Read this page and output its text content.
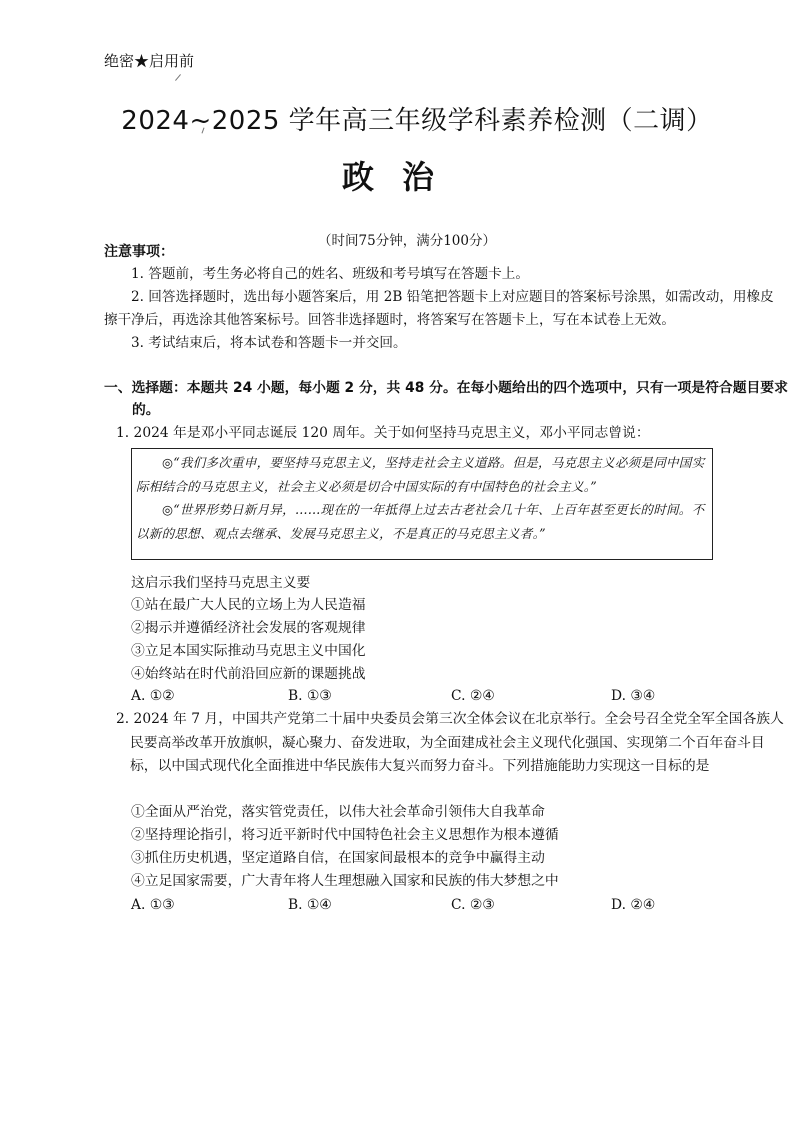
绝密★启用前
2024~2025 学年高三年级学科素养检测（二调）
政治
（时间75分钟，满分100分）
注意事项：
1. 答题前，考生务必将自己的姓名、班级和考号填写在答题卡上。
2. 回答选择题时，选出每小题答案后，用 2B 铅笔把答题卡上对应题目的答案标号涂黑，如需改动，用橡皮擦干净后，再选涂其他答案标号。回答非选择题时，将答案写在答题卡上，写在本试卷上无效。
3. 考试结束后，将本试卷和答题卡一并交回。
一、选择题：本题共 24 小题，每小题 2 分，共 48 分。在每小题给出的四个选项中，只有一项是符合题目要求的。
1. 2024 年是邓小平同志诞辰 120 周年。关于如何坚持马克思主义，邓小平同志曾说：

◎“我们多次重申，要坚持马克思主义，坚持走社会主义道路。但是，马克思主义必须是同中国实际相结合的马克思主义，社会主义必须是切合中国实际的有中国特色的社会主义。”

◎“世界形势日新月异，……现在的一年抵得上过去古老社会几十年、上百年甚至更长的时间。不以新的思想、观点去继承、发展马克思主义，不是真正的马克思主义者。”

这启示我们坚持马克思主义要
①站在最广大人民的立场上为人民造福
②揭示并遵循经济社会发展的客观规律
③立足本国实际推动马克思主义中国化
④始终站在时代前沿回应新的课题挑战
A. ①②	B. ①③	C. ②④	D. ③④
2. 2024 年 7 月，中国共产党第二十届中央委员会第三次全体会议在北京举行。全会号召全党全军全国各族人民要高举改革开放旗帜，凝心聚力、奋发进取，为全面建成社会主义现代化强国、实现第二个百年奋斗目标，以中国式现代化全面推进中华民族伟大复兴而努力奋斗。下列措施能助力实现这一目标的是
①全面从严治党，落实管党责任，以伟大社会革命引领伟大自我革命
②坚持理论指引，将习近平新时代中国特色社会主义思想作为根本遵循
③抓住历史机遇，坚定道路自信，在国家间最根本的竞争中赢得主动
④立足国家需要，广大青年将人生理想融入国家和民族的伟大梦想之中
A. ①③	B. ①④	C. ②③	D. ②④
